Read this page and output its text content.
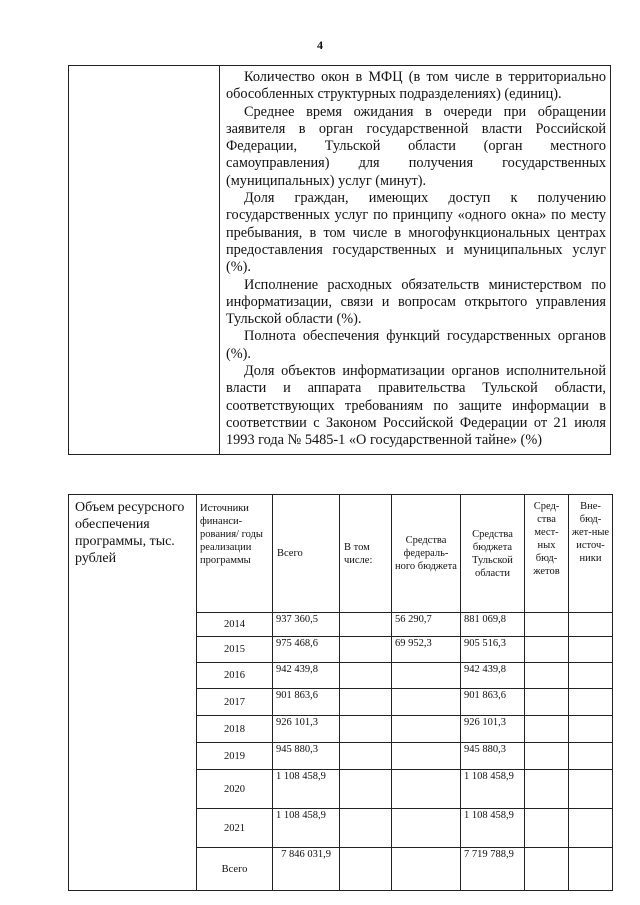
4

Количество окон в МФЦ (в том числе в территориально обособленных структурных подразделениях) (единиц).

Среднее время ожидания в очереди при обращении заявителя в орган государственной власти Российской Федерации, Тульской области (орган местного самоуправления) для получения государственных (муниципальных) услуг (минут).

Доля граждан, имеющих доступ к получению государственных услуг по принципу «одного окна» по месту пребывания, в том числе в многофункциональных центрах предоставления государственных и муниципальных услуг (%).

Исполнение расходных обязательств министерством по информатизации, связи и вопросам открытого управления Тульской области (%).

Полнота обеспечения функций государственных органов (%).

Доля объектов информатизации органов исполнительной власти и аппарата правительства Тульской области, соответствующих требованиям по защите информации в соответствии с Законом Российской Федерации от 21 июля 1993 года № 5485-1 «О государственной тайне» (%)

Объем ресурсного обеспечения программы, тыс. рублей	Источники финанси-рования/ годы реализации программы	Всего	В том числе:	Средства федераль-ного бюджета	Средства бюджета Тульской области	Сред-ства мест-ных бюд-жетов	Вне-бюд-жет-ные источ-ники
	2014	937 360,5		56 290,7	881 069,8		
	2015	975 468,6		69 952,3	905 516,3		
	2016	942 439,8			942 439,8		
	2017	901 863,6			901 863,6		
	2018	926 101,3			926 101,3		
	2019	945 880,3			945 880,3		
	2020	1 108 458,9			1 108 458,9		
	2021	1 108 458,9			1 108 458,9		
	Всего	7 846 031,9			7 719 788,9		
